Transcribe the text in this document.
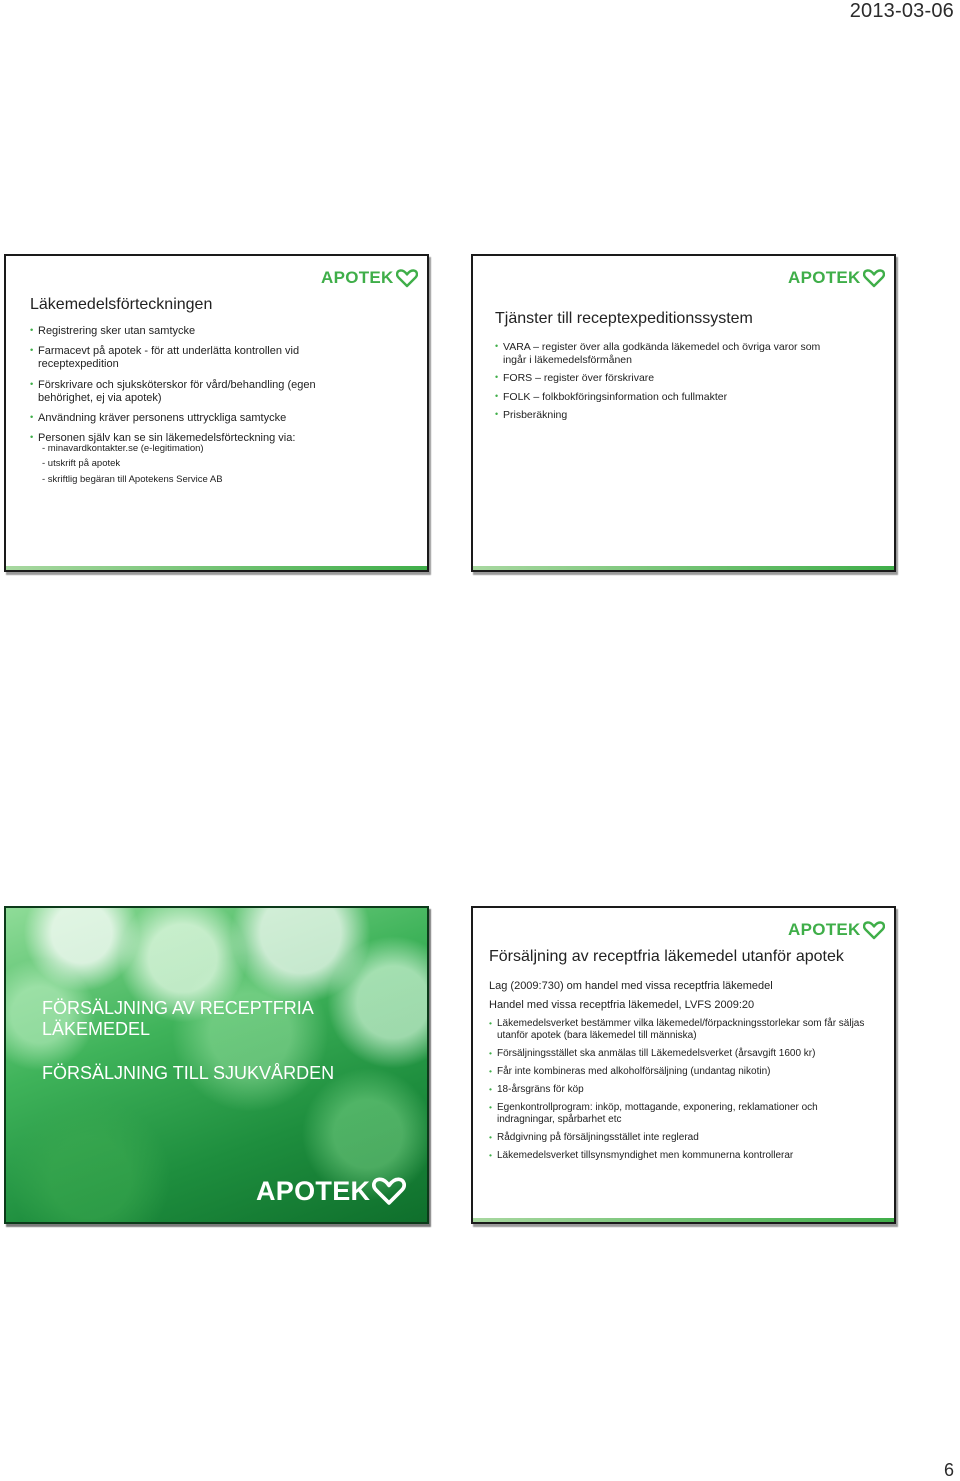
2013-03-06
APOTEK
Läkemedelsförteckningen
• Registrering sker utan samtycke
• Farmacevt på apotek - för att underlätta kontrollen vid receptexpedition
• Förskrivare och sjuksköterskor för vård/behandling (egen behörighet, ej via apotek)
• Användning kräver personens uttryckliga samtycke
• Personen själv kan se sin läkemedelsförteckning via:
- minavardkontakter.se (e-legitimation)
- utskrift på apotek
- skriftlig begäran till Apotekens Service AB
APOTEK
Tjänster till receptexpeditionssystem
• VARA – register över alla godkända läkemedel och övriga varor som ingår i läkemedelsförmånen
• FORS – register över förskrivare
• FOLK – folkbokföringsinformation och fullmakter
• Prisberäkning
FÖRSÄLJNING AV RECEPTFRIA LÄKEMEDEL
FÖRSÄLJNING TILL SJUKVÅRDEN
APOTEK
APOTEK
Försäljning av receptfria läkemedel utanför apotek
Lag (2009:730) om handel med vissa receptfria läkemedel
Handel med vissa receptfria läkemedel, LVFS 2009:20
• Läkemedelsverket bestämmer vilka läkemedel/förpackningsstorlekar som får säljas utanför apotek (bara läkemedel till människa)
• Försäljningsstället ska anmälas till Läkemedelsverket (årsavgift 1600 kr)
• Får inte kombineras med alkoholförsäljning (undantag nikotin)
• 18-årsgräns för köp
• Egenkontrollprogram: inköp, mottagande, exponering, reklamationer och indragningar, spårbarhet etc
• Rådgivning på försäljningsstället inte reglerad
• Läkemedelsverket tillsynsmyndighet men kommunerna kontrollerar
6
